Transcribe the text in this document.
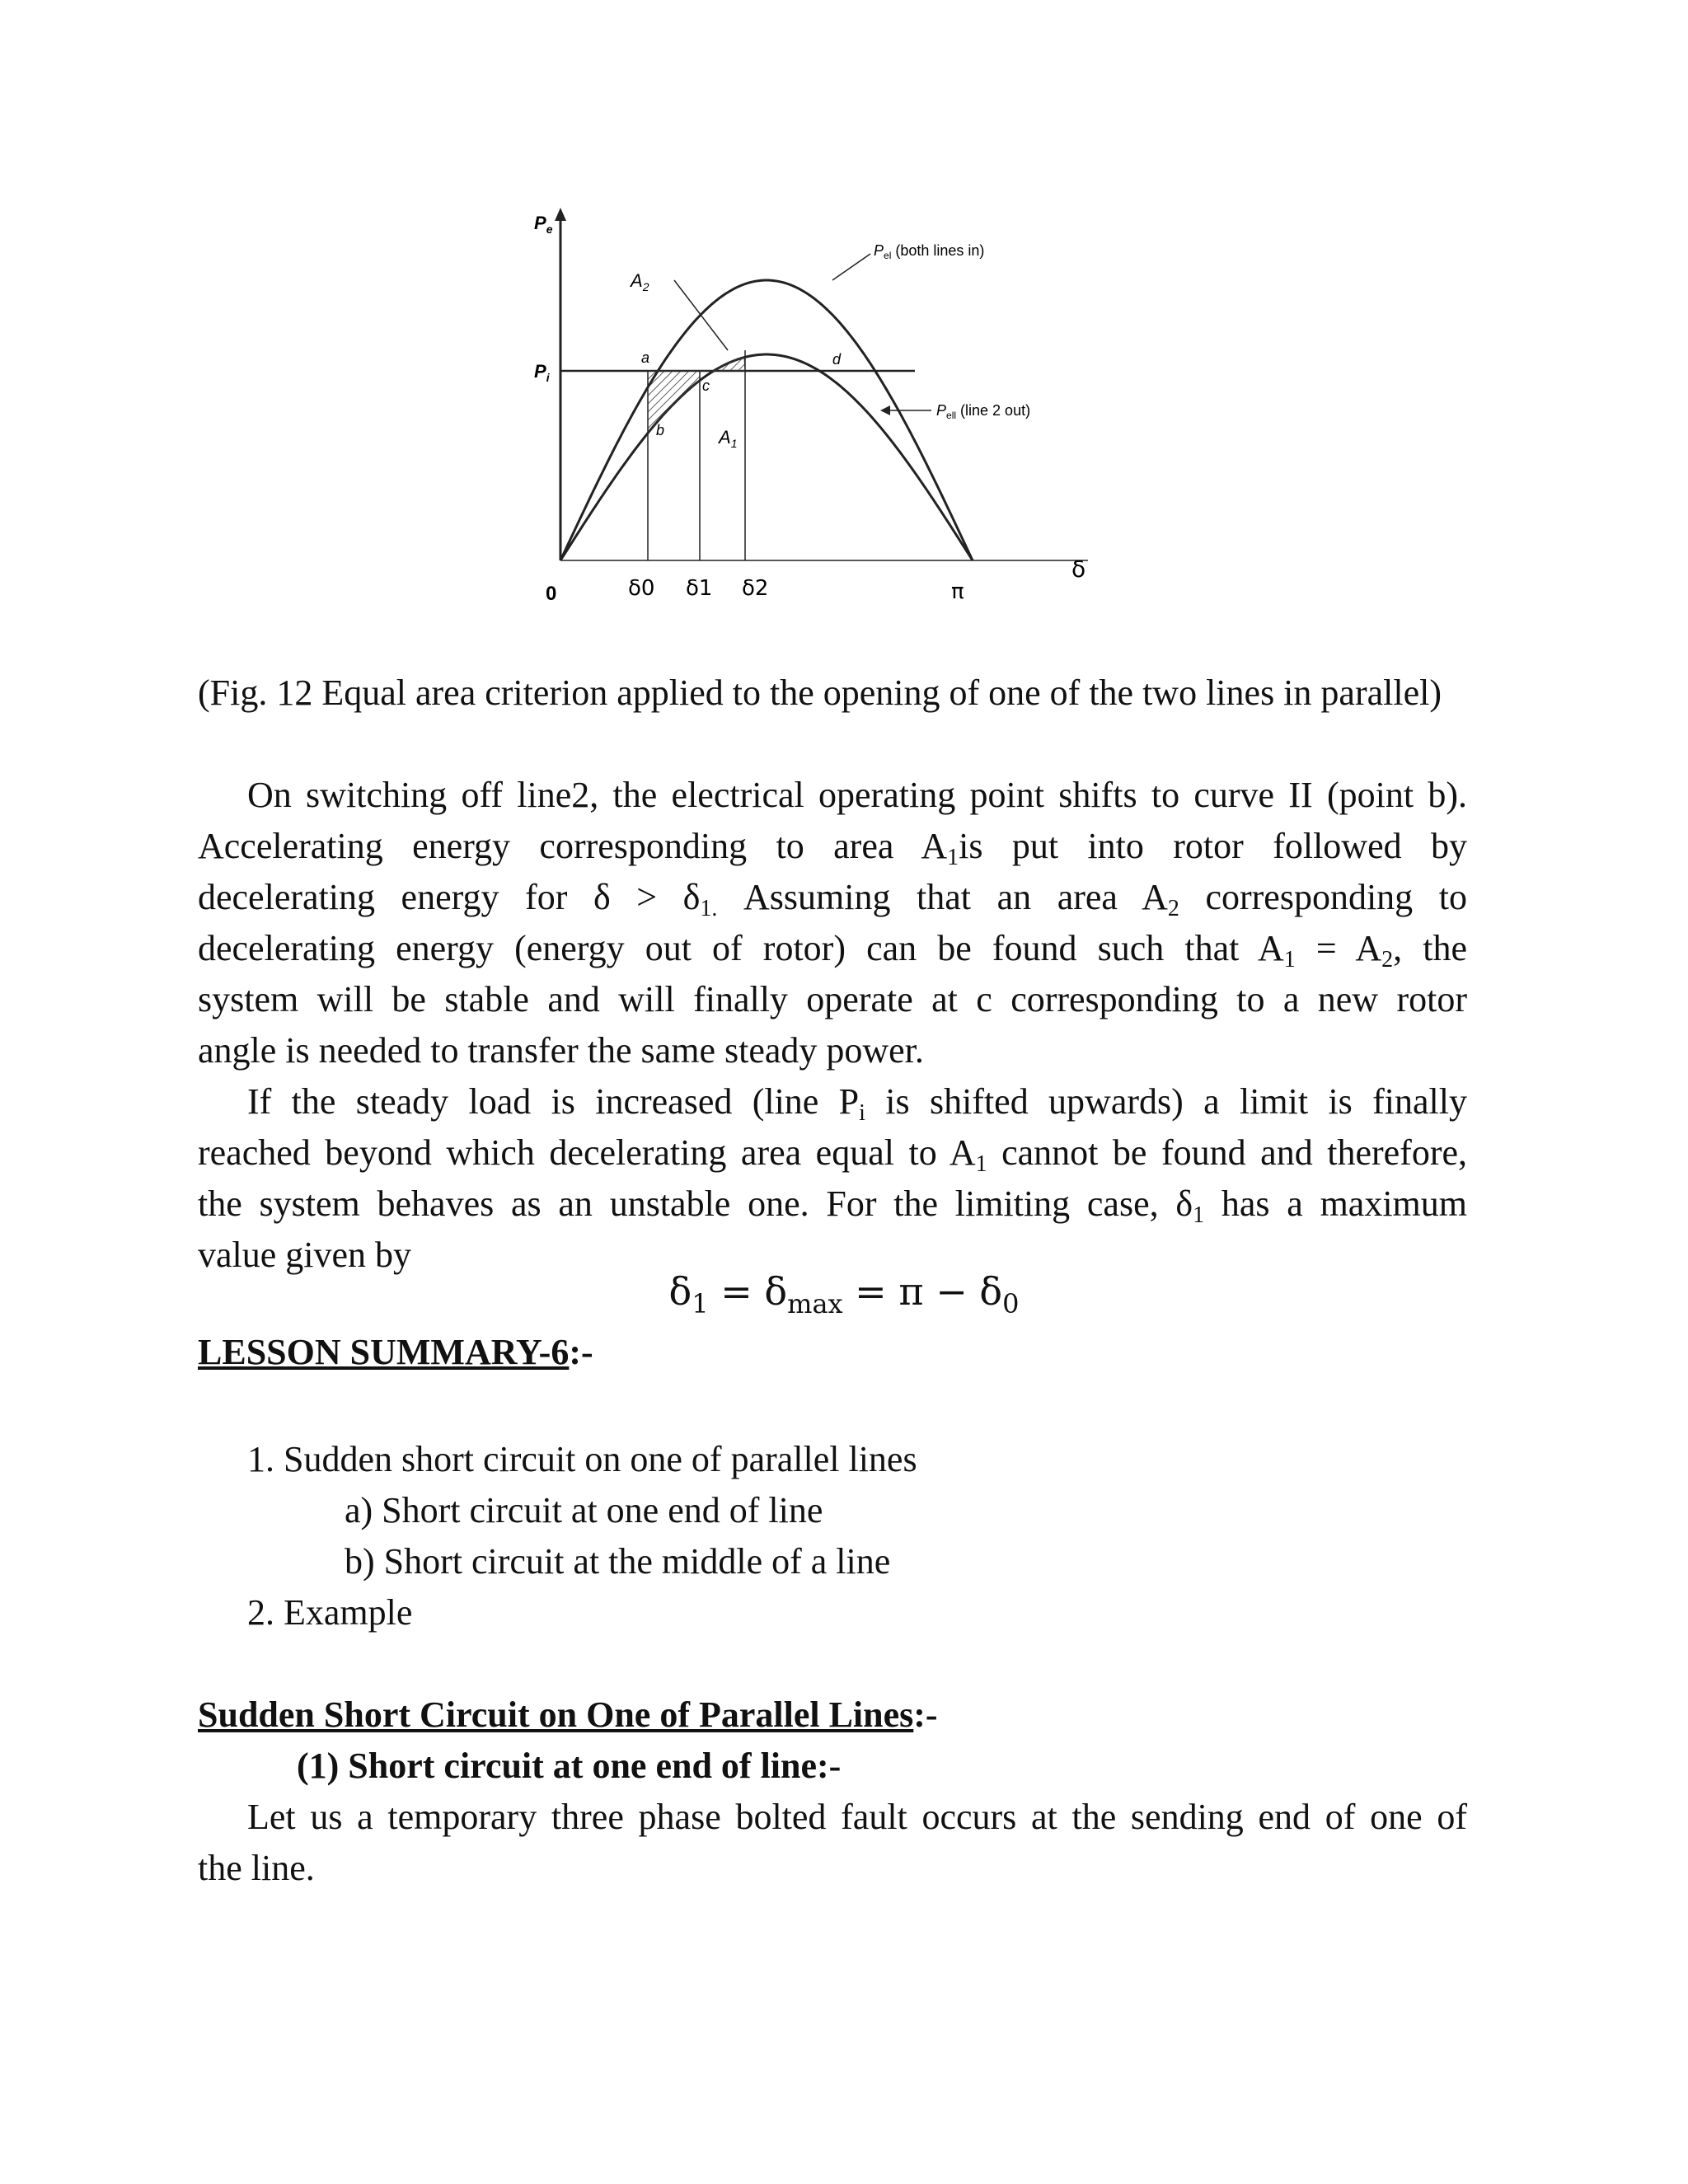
$P_e$
$P_i$
$A_2$
$A_1$
a
b
c
d
$P_{el}$ (both lines in)
$P_{ell}$ (line 2 out)
0	δ0 δ1 δ2	π
δ

(Fig. 12 Equal area criterion applied to the opening of one of the two lines in parallel)

On switching off line2, the electrical operating point shifts to curve II (point b).

Accelerating energy corresponding to area $A_1is$ put into rotor followed by

decelerating energy for $\delta > \delta_{1.}$ Assuming that an area $A_2$ corresponding to

decelerating energy (energy out of rotor) can be found such that $A_1 = A_2$, the

system will be stable and will finally operate at c corresponding to a new rotor

angle is needed to transfer the same steady power.

If the steady load is increased (line $P_i$ is shifted upwards) a limit is finally

reached beyond which decelerating area equal to $A_1$ cannot be found and therefore,

the system behaves as an unstable one. For the limiting case, $\delta_1$ has a maximum

value given by

$\delta_1 = \delta_{max} = \pi - \delta_0$
LESSON SUMMARY-6:-
1. Sudden short circuit on one of parallel lines
a) Short circuit at one end of line
b) Short circuit at the middle of a line
2. Example
Sudden Short Circuit on One of Parallel Lines:-
(1) Short circuit at one end of line:-

Let us a temporary three phase bolted fault occurs at the sending end of one of

the line.
